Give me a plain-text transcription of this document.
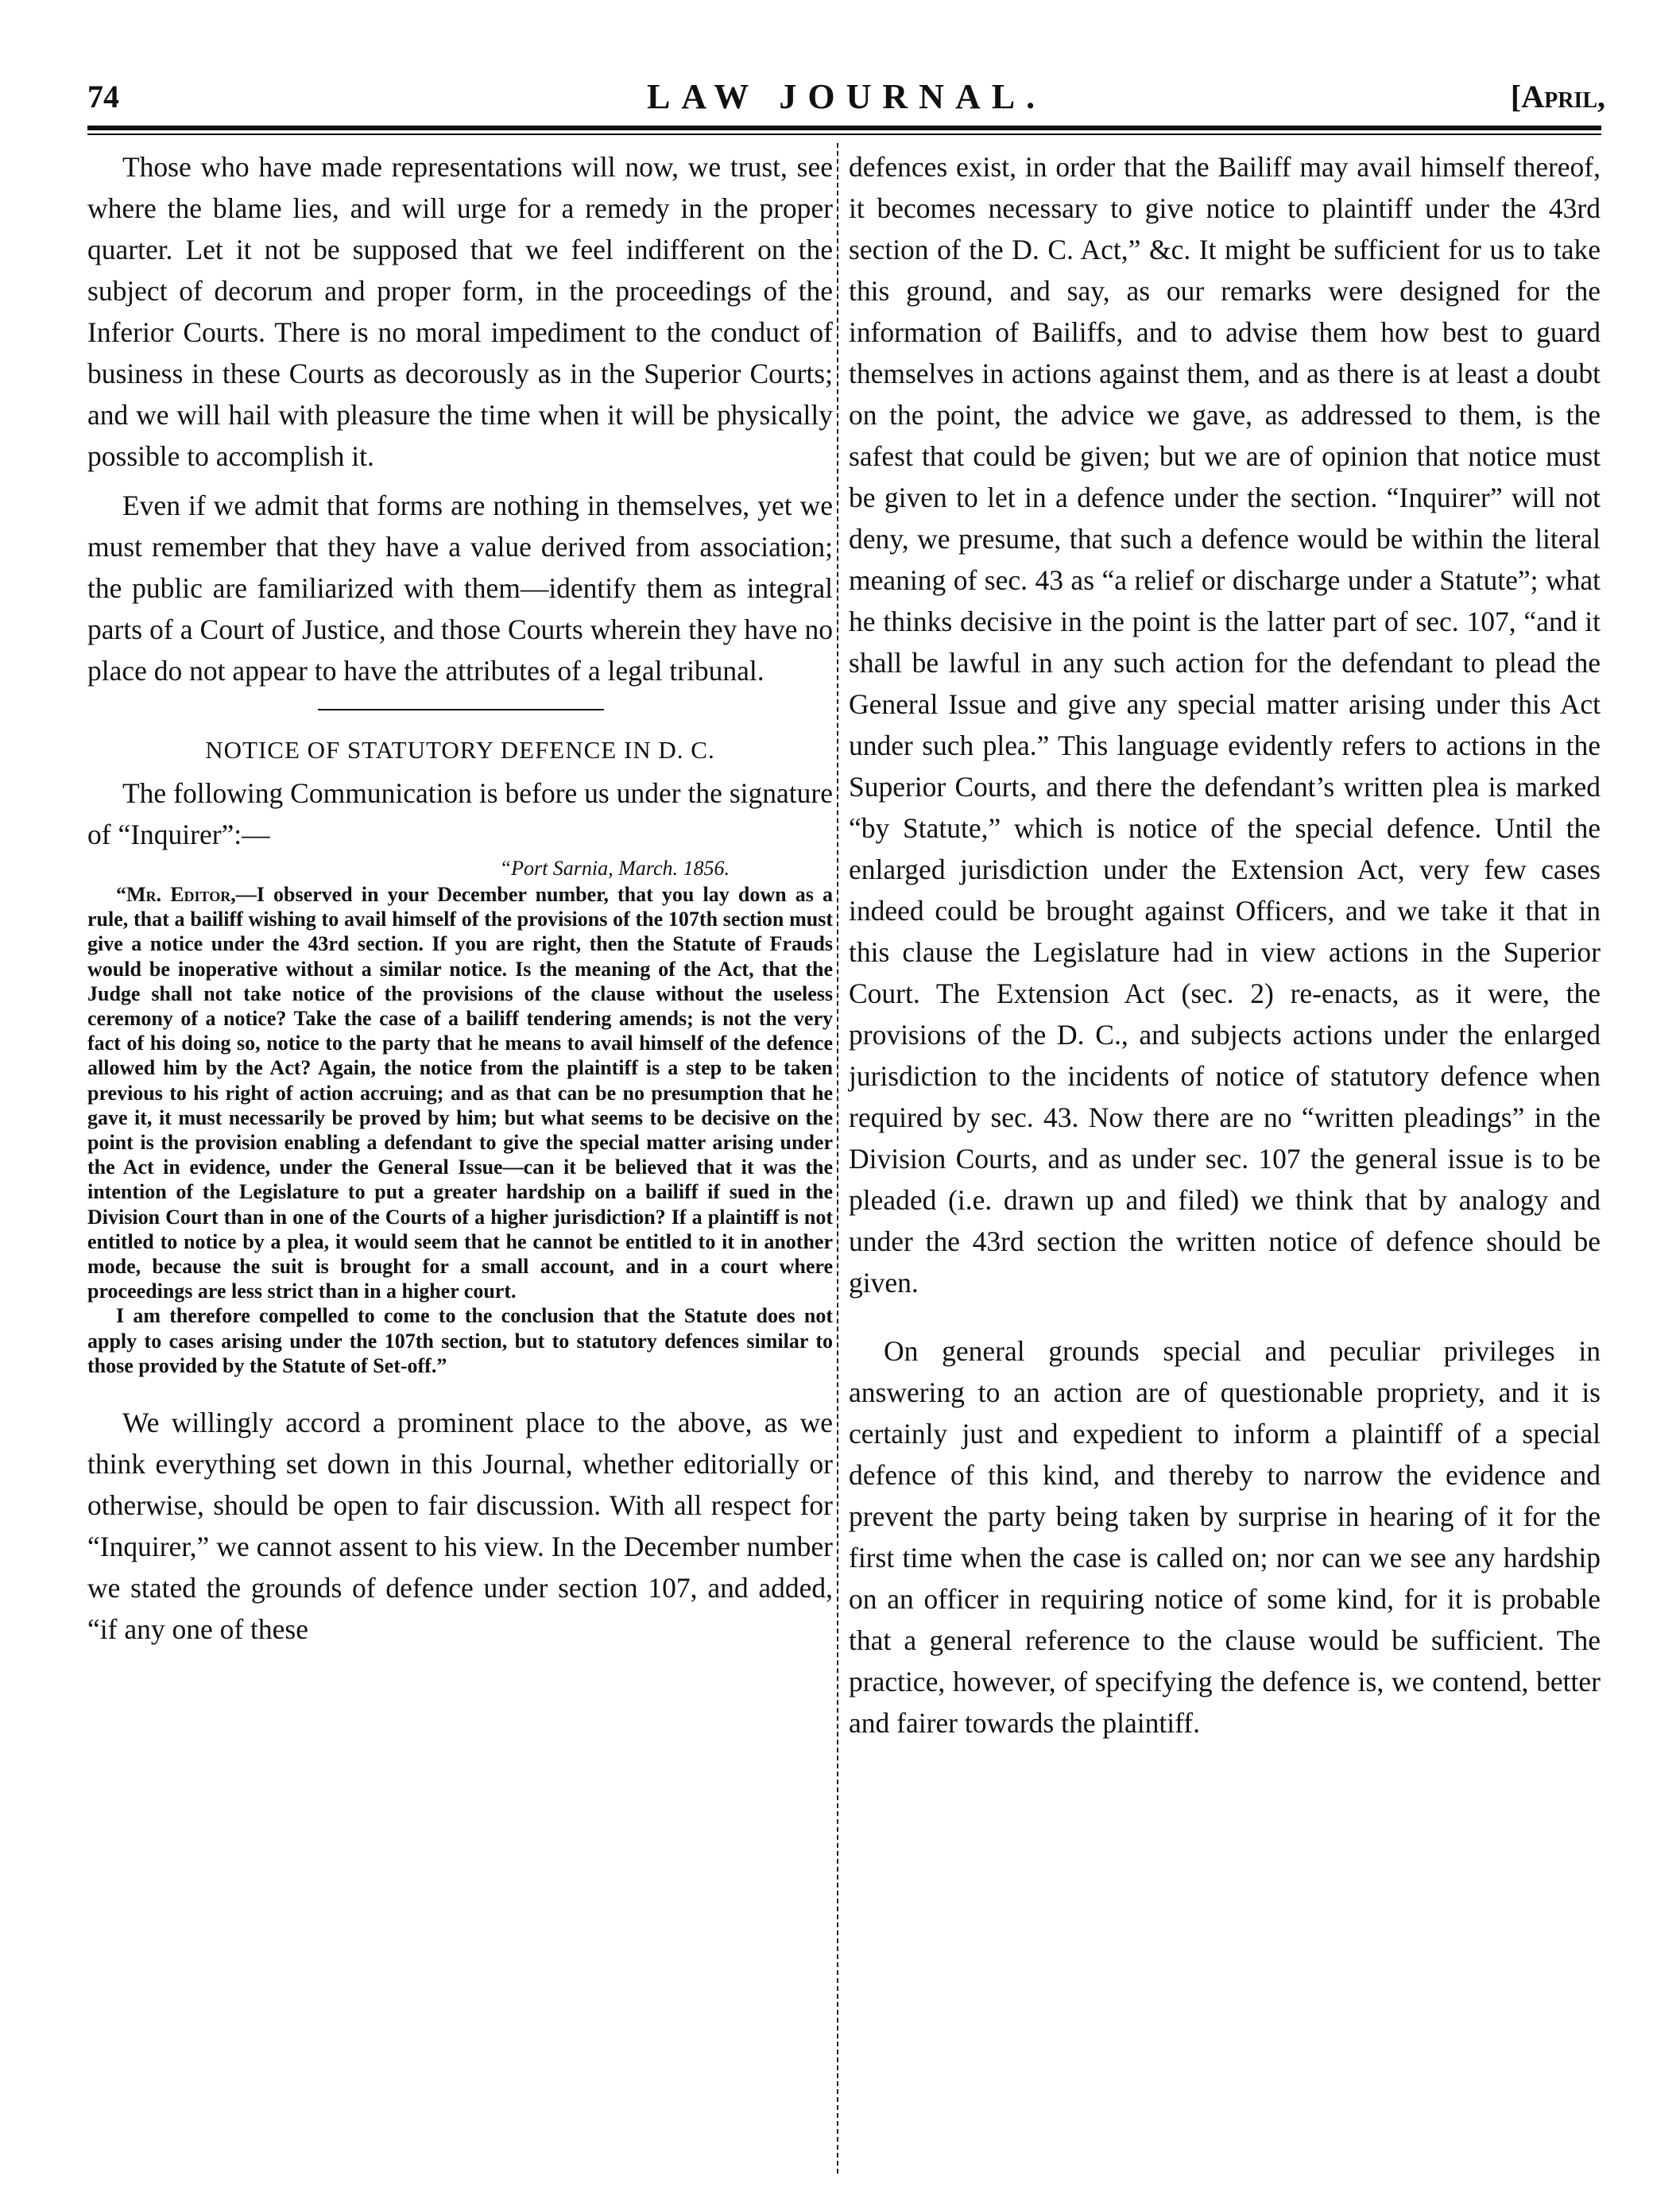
74	LAW JOURNAL.	[April,

Those who have made representations will now, we trust, see where the blame lies, and will urge for a remedy in the proper quarter. Let it not be supposed that we feel indifferent on the subject of decorum and proper form, in the proceedings of the Inferior Courts. There is no moral impediment to the conduct of business in these Courts as decorously as in the Superior Courts; and we will hail with pleasure the time when it will be physically possible to accomplish it.

Even if we admit that forms are nothing in themselves, yet we must remember that they have a value derived from association; the public are familiarized with them—identify them as integral parts of a Court of Justice, and those Courts wherein they have no place do not appear to have the attributes of a legal tribunal.

NOTICE OF STATUTORY DEFENCE IN D. C.

The following Communication is before us under the signature of “Inquirer”:—

“Port Sarnia, March. 1856.

“Mr. Editor,—I observed in your December number, that you lay down as a rule, that a bailiff wishing to avail himself of the provisions of the 107th section must give a notice under the 43rd section. If you are right, then the Statute of Frauds would be inoperative without a similar notice. Is the meaning of the Act, that the Judge shall not take notice of the provisions of the clause without the useless ceremony of a notice? Take the case of a bailiff tendering amends; is not the very fact of his doing so, notice to the party that he means to avail himself of the defence allowed him by the Act? Again, the notice from the plaintiff is a step to be taken previous to his right of action accruing; and as that can be no presumption that he gave it, it must necessarily be proved by him; but what seems to be decisive on the point is the provision enabling a defendant to give the special matter arising under the Act in evidence, under the General Issue—can it be believed that it was the intention of the Legislature to put a greater hardship on a bailiff if sued in the Division Court than in one of the Courts of a higher jurisdiction? If a plaintiff is not entitled to notice by a plea, it would seem that he cannot be entitled to it in another mode, because the suit is brought for a small account, and in a court where proceedings are less strict than in a higher court.

I am therefore compelled to come to the conclusion that the Statute does not apply to cases arising under the 107th section, but to statutory defences similar to those provided by the Statute of Set-off.”

We willingly accord a prominent place to the above, as we think everything set down in this Journal, whether editorially or otherwise, should be open to fair discussion. With all respect for “Inquirer,” we cannot assent to his view. In the December number we stated the grounds of defence under section 107, and added, “if any one of these

defences exist, in order that the Bailiff may avail himself thereof, it becomes necessary to give notice to plaintiff under the 43rd section of the D. C. Act,” &c. It might be sufficient for us to take this ground, and say, as our remarks were designed for the information of Bailiffs, and to advise them how best to guard themselves in actions against them, and as there is at least a doubt on the point, the advice we gave, as addressed to them, is the safest that could be given; but we are of opinion that notice must be given to let in a defence under the section. “Inquirer” will not deny, we presume, that such a defence would be within the literal meaning of sec. 43 as “a relief or discharge under a Statute”; what he thinks decisive in the point is the latter part of sec. 107, “and it shall be lawful in any such action for the defendant to plead the General Issue and give any special matter arising under this Act under such plea.” This language evidently refers to actions in the Superior Courts, and there the defendant’s written plea is marked “by Statute,” which is notice of the special defence. Until the enlarged jurisdiction under the Extension Act, very few cases indeed could be brought against Officers, and we take it that in this clause the Legislature had in view actions in the Superior Court. The Extension Act (sec. 2) re-enacts, as it were, the provisions of the D. C., and subjects actions under the enlarged jurisdiction to the incidents of notice of statutory defence when required by sec. 43. Now there are no “written pleadings” in the Division Courts, and as under sec. 107 the general issue is to be pleaded (i.e. drawn up and filed) we think that by analogy and under the 43rd section the written notice of defence should be given.

On general grounds special and peculiar privileges in answering to an action are of questionable propriety, and it is certainly just and expedient to inform a plaintiff of a special defence of this kind, and thereby to narrow the evidence and prevent the party being taken by surprise in hearing of it for the first time when the case is called on; nor can we see any hardship on an officer in requiring notice of some kind, for it is probable that a general reference to the clause would be sufficient. The practice, however, of specifying the defence is, we contend, better and fairer towards the plaintiff.
